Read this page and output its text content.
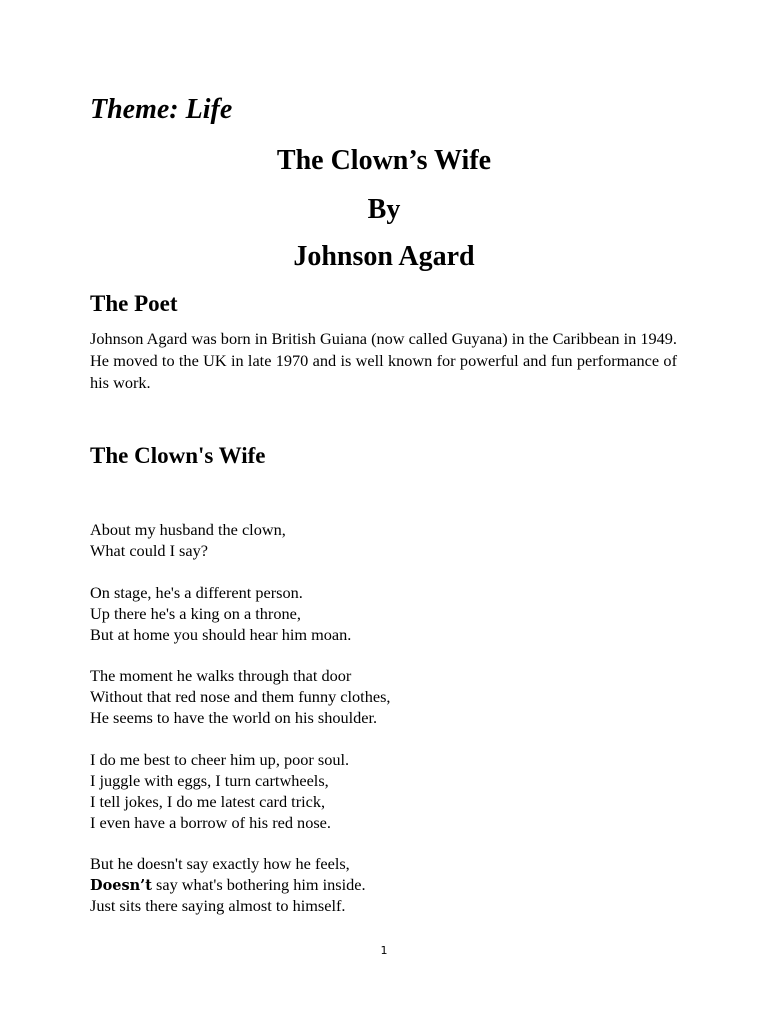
Theme: Life

The Clown’s Wife

By

Johnson Agard

The Poet

Johnson Agard was born in British Guiana (now called Guyana) in the Caribbean in 1949. He moved to the UK in late 1970 and is well known for powerful and fun performance of his work.

The Clown's Wife

About my husband the clown,
What could I say?
On stage, he's a different person.
Up there he's a king on a throne,
But at home you should hear him moan.
The moment he walks through that door
Without that red nose and them funny clothes,
He seems to have the world on his shoulder.
I do me best to cheer him up, poor soul.
I juggle with eggs, I turn cartwheels,
I tell jokes, I do me latest card trick,
I even have a borrow of his red nose.
But he doesn't say exactly how he feels,
Doesn’t say what's bothering him inside.
Just sits there saying almost to himself.

1
